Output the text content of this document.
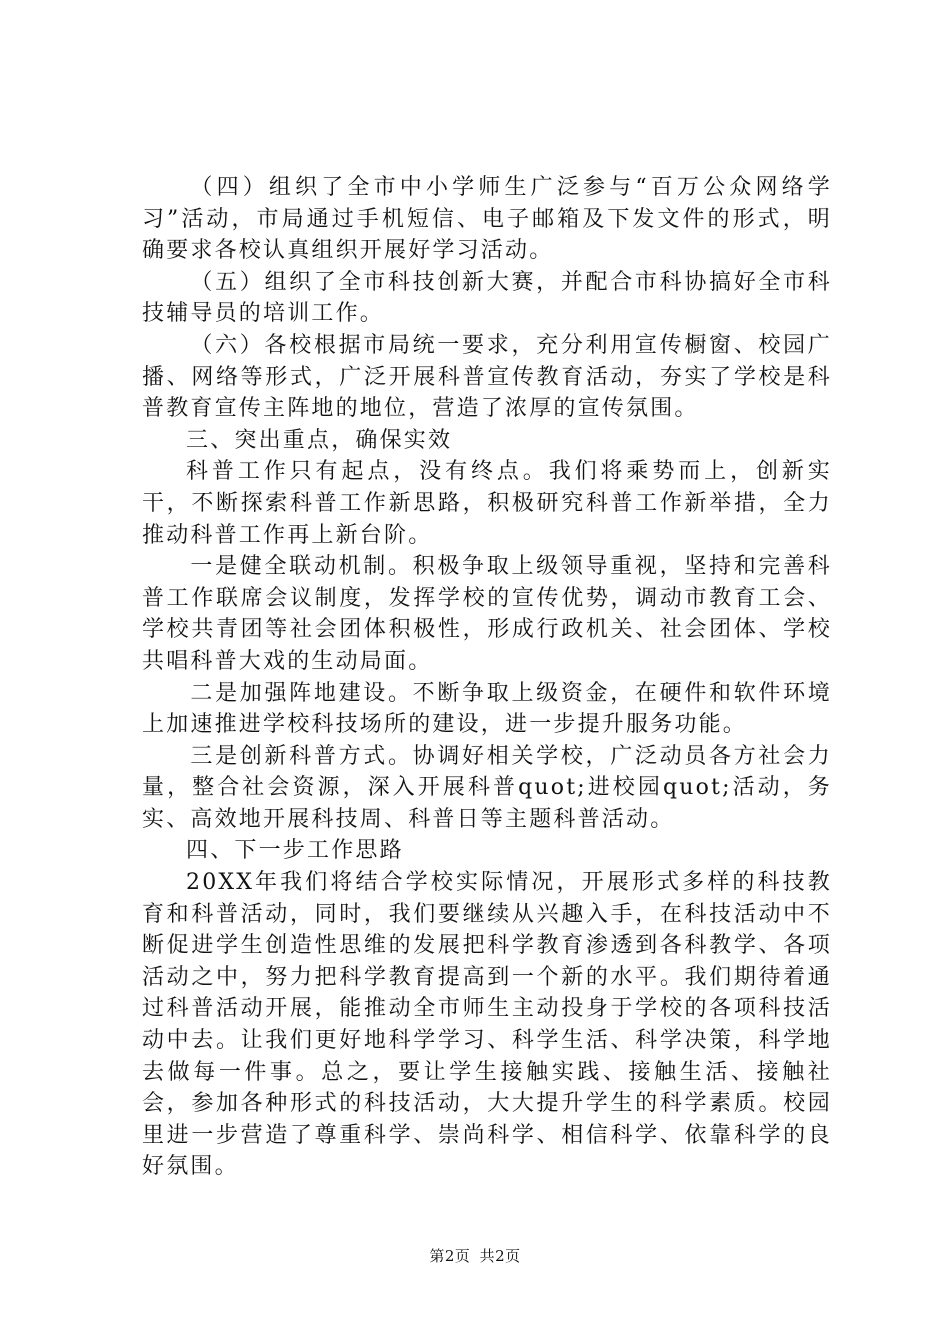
（四）组织了全市中小学师生广泛参与“百万公众网络学习”活动，市局通过手机短信、电子邮箱及下发文件的形式，明确要求各校认真组织开展好学习活动。

（五）组织了全市科技创新大赛，并配合市科协搞好全市科技辅导员的培训工作。

（六）各校根据市局统一要求，充分利用宣传橱窗、校园广播、网络等形式，广泛开展科普宣传教育活动，夯实了学校是科普教育宣传主阵地的地位，营造了浓厚的宣传氛围。

三、突出重点，确保实效

科普工作只有起点，没有终点。我们将乘势而上，创新实干，不断探索科普工作新思路，积极研究科普工作新举措，全力推动科普工作再上新台阶。

一是健全联动机制。积极争取上级领导重视，坚持和完善科普工作联席会议制度，发挥学校的宣传优势，调动市教育工会、学校共青团等社会团体积极性，形成行政机关、社会团体、学校共唱科普大戏的生动局面。

二是加强阵地建设。不断争取上级资金，在硬件和软件环境上加速推进学校科技场所的建设，进一步提升服务功能。

三是创新科普方式。协调好相关学校，广泛动员各方社会力量，整合社会资源，深入开展科普quot;进校园quot;活动，务实、高效地开展科技周、科普日等主题科普活动。

四、下一步工作思路

20XX年我们将结合学校实际情况，开展形式多样的科技教育和科普活动，同时，我们要继续从兴趣入手，在科技活动中不断促进学生创造性思维的发展把科学教育渗透到各科教学、各项活动之中，努力把科学教育提高到一个新的水平。我们期待着通过科普活动开展，能推动全市师生主动投身于学校的各项科技活动中去。让我们更好地科学学习、科学生活、科学决策，科学地去做每一件事。总之，要让学生接触实践、接触生活、接触社会，参加各种形式的科技活动，大大提升学生的科学素质。校园里进一步营造了尊重科学、崇尚科学、相信科学、依靠科学的良好氛围。

第2页 共2页
